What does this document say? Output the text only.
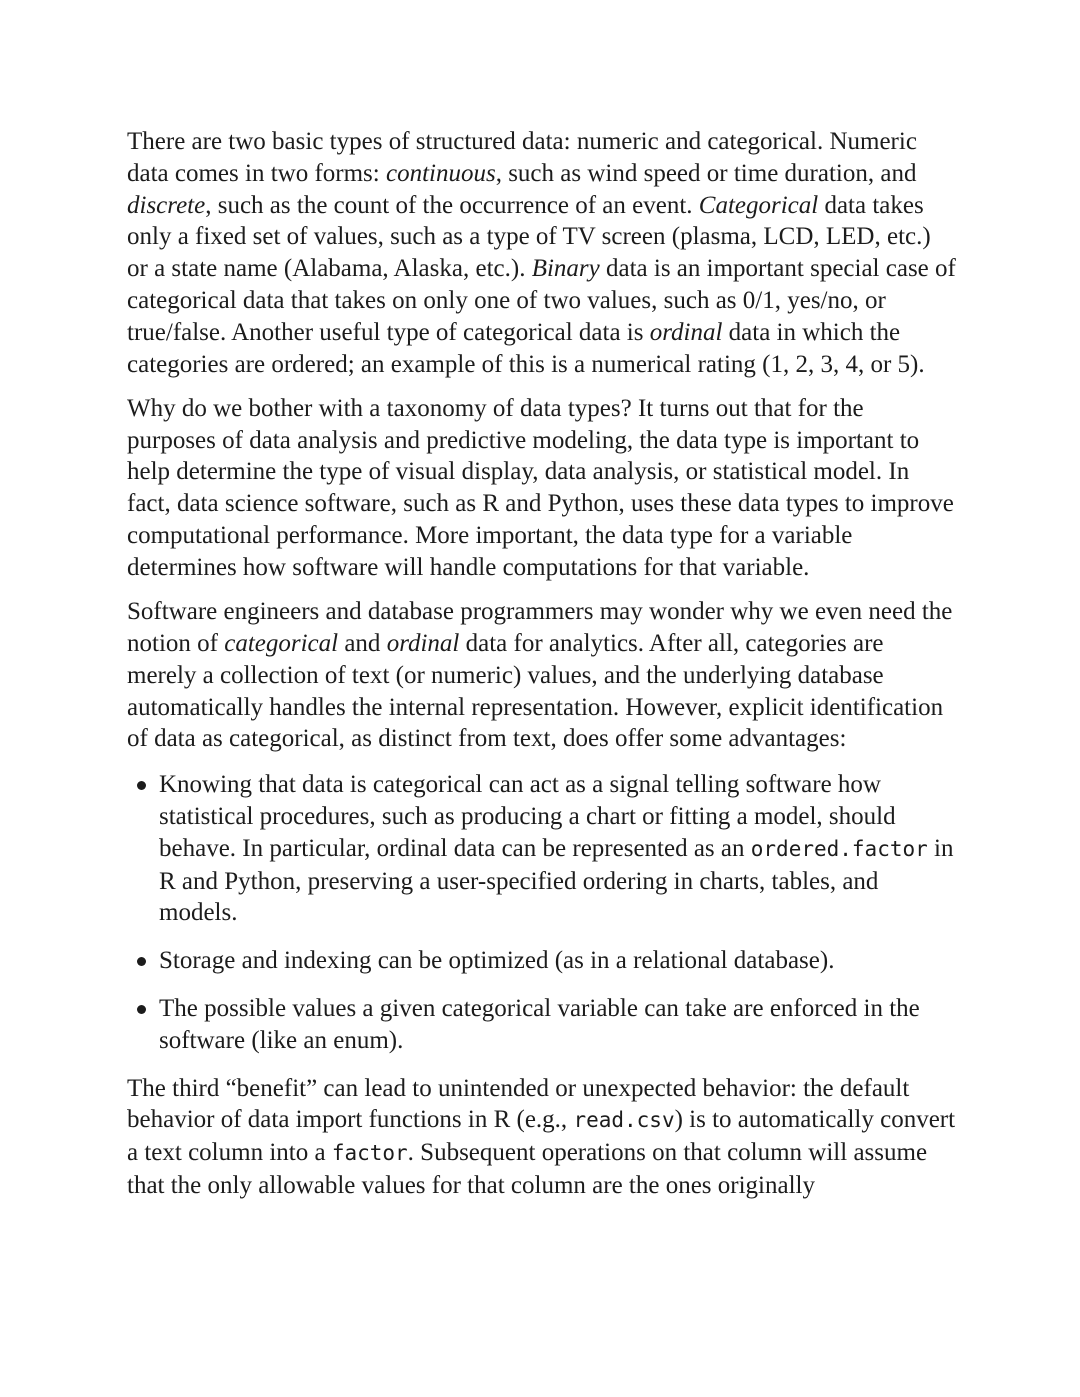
There are two basic types of structured data: numeric and categorical. Numeric data comes in two forms: continuous, such as wind speed or time duration, and discrete, such as the count of the occurrence of an event. Categorical data takes only a fixed set of values, such as a type of TV screen (plasma, LCD, LED, etc.) or a state name (Alabama, Alaska, etc.). Binary data is an important special case of categorical data that takes on only one of two values, such as 0/1, yes/no, or true/false. Another useful type of categorical data is ordinal data in which the categories are ordered; an example of this is a numerical rating (1, 2, 3, 4, or 5).

Why do we bother with a taxonomy of data types? It turns out that for the purposes of data analysis and predictive modeling, the data type is important to help determine the type of visual display, data analysis, or statistical model. In fact, data science software, such as R and Python, uses these data types to improve computational performance. More important, the data type for a variable determines how software will handle computations for that variable.

Software engineers and database programmers may wonder why we even need the notion of categorical and ordinal data for analytics. After all, categories are merely a collection of text (or numeric) values, and the underlying database automatically handles the internal representation. However, explicit identification of data as categorical, as distinct from text, does offer some advantages:

Knowing that data is categorical can act as a signal telling software how statistical procedures, such as producing a chart or fitting a model, should behave. In particular, ordinal data can be represented as an ordered.factor in R and Python, preserving a user-specified ordering in charts, tables, and models.
Storage and indexing can be optimized (as in a relational database).
The possible values a given categorical variable can take are enforced in the software (like an enum).

The third “benefit” can lead to unintended or unexpected behavior: the default behavior of data import functions in R (e.g., read.csv) is to automatically convert a text column into a factor. Subsequent operations on that column will assume that the only allowable values for that column are the ones originally
